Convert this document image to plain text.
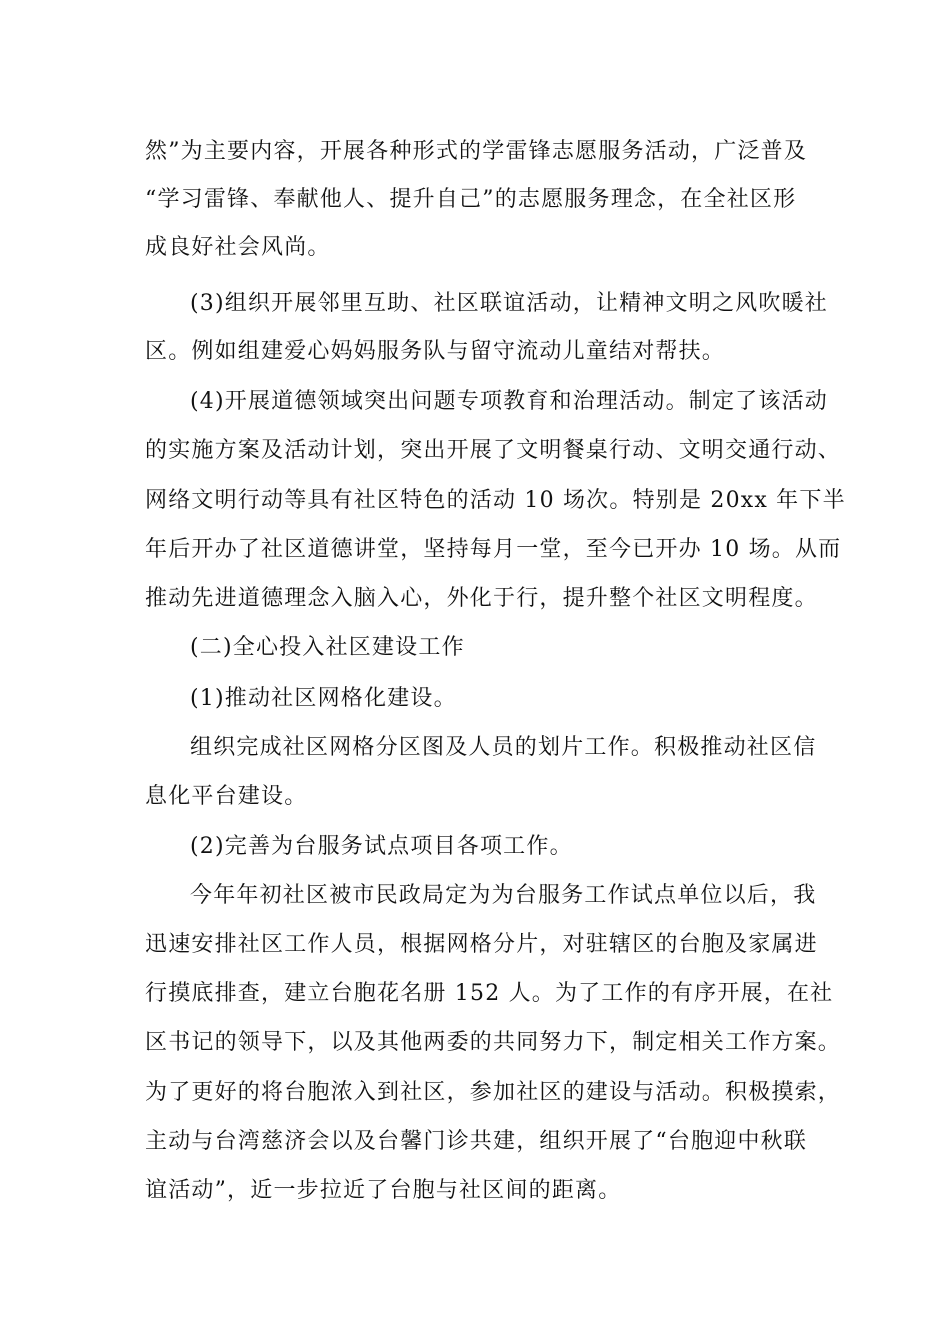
然”为主要内容，开展各种形式的学雷锋志愿服务活动，广泛普及

“学习雷锋、奉献他人、提升自己”的志愿服务理念，在全社区形

成良好社会风尚。

(3)组织开展邻里互助、社区联谊活动，让精神文明之风吹暖社

区。例如组建爱心妈妈服务队与留守流动儿童结对帮扶。

(4)开展道德领域突出问题专项教育和治理活动。制定了该活动

的实施方案及活动计划，突出开展了文明餐桌行动、文明交通行动、

网络文明行动等具有社区特色的活动 10 场次。特别是 20xx 年下半

年后开办了社区道德讲堂，坚持每月一堂，至今已开办 10 场。从而

推动先进道德理念入脑入心，外化于行，提升整个社区文明程度。

(二)全心投入社区建设工作

(1)推动社区网格化建设。

组织完成社区网格分区图及人员的划片工作。积极推动社区信

息化平台建设。

(2)完善为台服务试点项目各项工作。

今年年初社区被市民政局定为为台服务工作试点单位以后，我

迅速安排社区工作人员，根据网格分片，对驻辖区的台胞及家属进

行摸底排查，建立台胞花名册 152 人。为了工作的有序开展，在社

区书记的领导下，以及其他两委的共同努力下，制定相关工作方案。

为了更好的将台胞浓入到社区，参加社区的建设与活动。积极摸索，

主动与台湾慈济会以及台馨门诊共建，组织开展了“台胞迎中秋联

谊活动”，近一步拉近了台胞与社区间的距离。
